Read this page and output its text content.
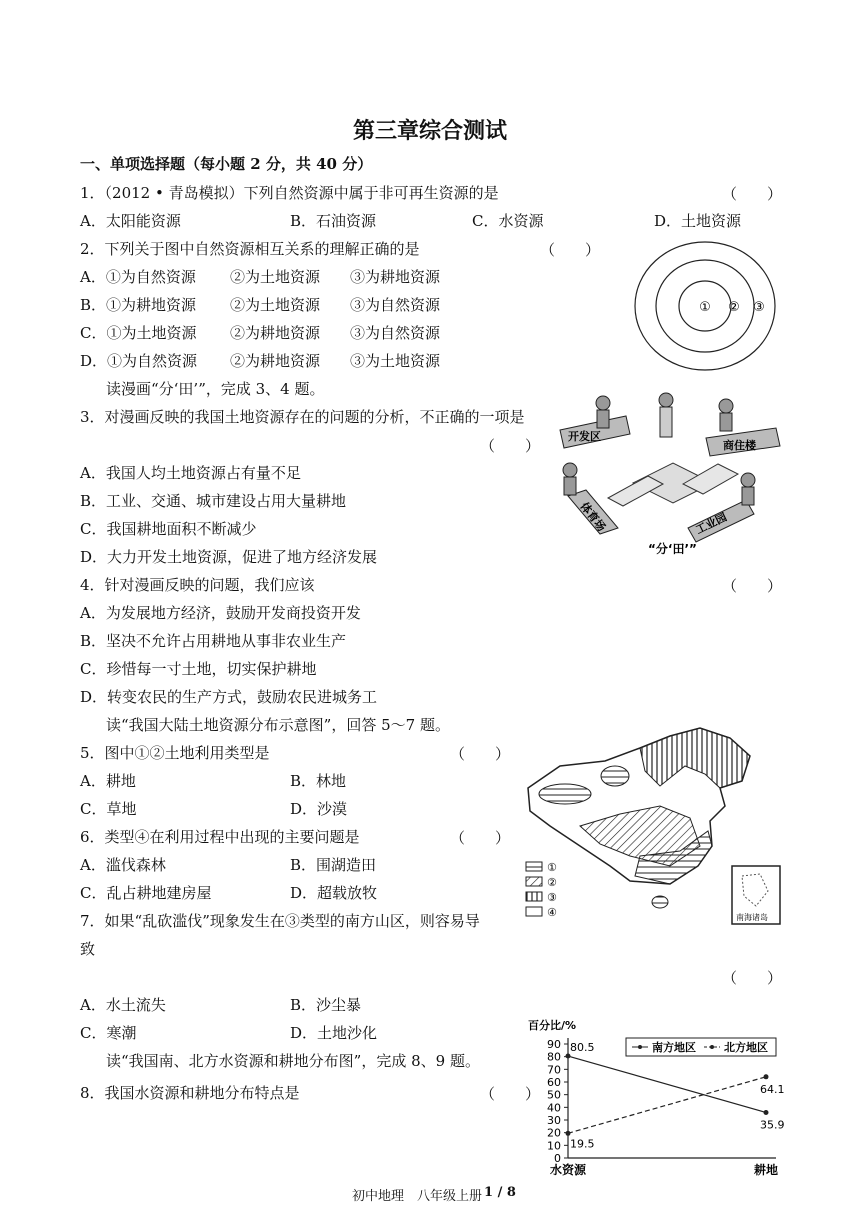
第三章综合测试
一、单项选择题（每小题 2 分，共 40 分）
1．（2012 • 青岛模拟）下列自然资源中属于非可再生资源的是	（　　）
A．太阳能资源	B．石油资源	C．水资源	D．土地资源
2．下列关于图中自然资源相互关系的理解正确的是	（　　）
A．①为自然资源 ②为土地资源 ③为耕地资源
B．①为耕地资源 ②为土地资源 ③为自然资源
C．①为土地资源 ②为耕地资源 ③为自然资源
D．①为自然资源 ②为耕地资源 ③为土地资源
① ② ③
读漫画“分‘田’”，完成 3、4 题。
3．对漫画反映的我国土地资源存在的问题的分析，不正确的一项是
（　　）
A．我国人均土地资源占有量不足
B．工业、交通、城市建设占用大量耕地
C．我国耕地面积不断减少
D．大力开发土地资源，促进了地方经济发展
开发区
商住楼
体育场	工业园
“分‘田’”
4．针对漫画反映的问题，我们应该	（　　）
A．为发展地方经济，鼓励开发商投资开发
B．坚决不允许占用耕地从事非农业生产
C．珍惜每一寸土地，切实保护耕地
D．转变农民的生产方式，鼓励农民进城务工
读“我国大陆土地资源分布示意图”，回答 5～7 题。
5．图中①②土地利用类型是	（　　）
A．耕地	B．林地
C．草地	D．沙漠
6．类型④在利用过程中出现的主要问题是	（　　）
A．滥伐森林	B．围湖造田
C．乱占耕地建房屋	D．超载放牧
7．如果“乱砍滥伐”现象发生在③类型的南方山区，则容易导
致
（　　）
A．水土流失	B．沙尘暴
C．寒潮	D．土地沙化
①
②
③
④	南海诸岛
读“我国南、北方水资源和耕地分布图”，完成 8、9 题。
8．我国水资源和耕地分布特点是	（　　）
百分比/%
0
10
20
30
40
50
60
70
80
90
水资源	耕地
80.5
35.9
19.5
64.1
南方地区	北方地区
初中地理　八年级上册 1 / 8
